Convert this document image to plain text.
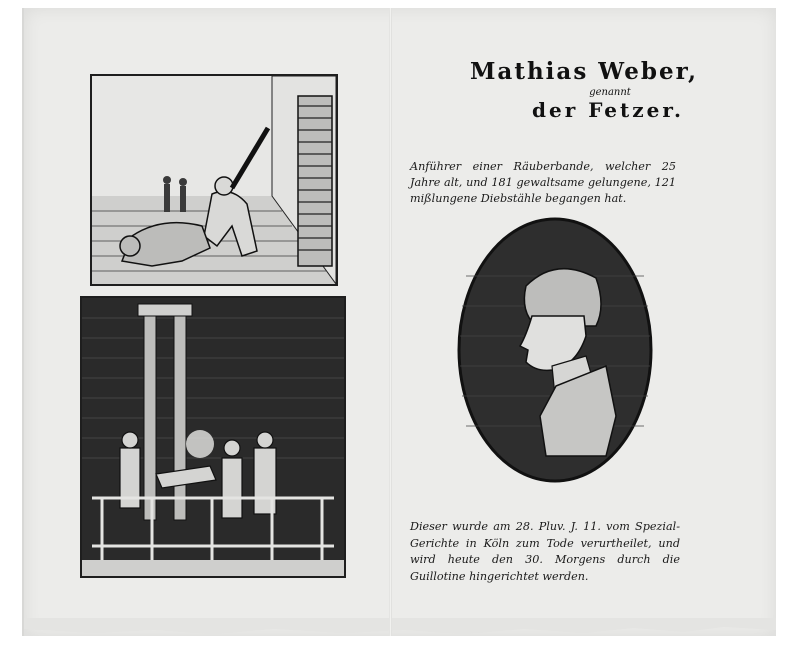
Mathias Weber,

genannt

der Fetzer.

Anführer einer Räuberbande, welcher 25 Jahre alt, und 181 gewaltsame gelungene, 121 mißlungene Diebstähle begangen hat.

Dieser wurde am 28. Pluv. J. 11. vom Spezial-Gerichte in Köln zum Tode verurtheilet, und wird heute den 30. Morgens durch die Guillotine hingerichtet werden.
